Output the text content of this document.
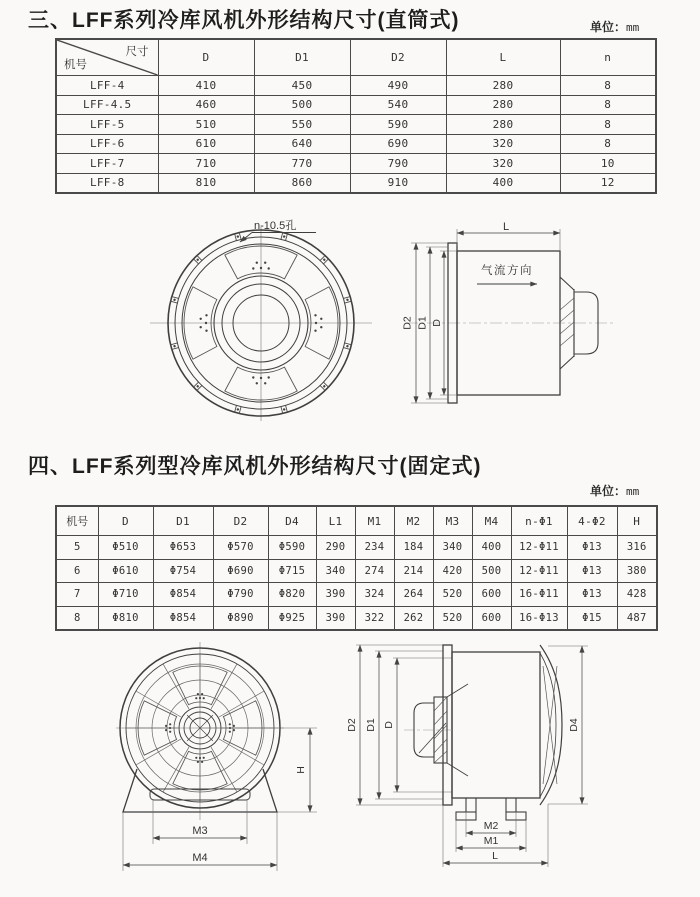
三、LFF系列冷库风机外形结构尺寸(直筒式)	单位：mm
尺寸
机号	D	D1	D2	L	n
LFF-4	410	450	490	280	8
LFF-4.5	460	500	540	280	8
LFF-5	510	550	590	280	8
LFF-6	610	640	690	320	8
LFF-7	710	770	790	320	10
LFF-8	810	860	910	400	12
n-10.5孔
D2 D1 D
L
气流方向
四、LFF系列型冷库风机外形结构尺寸(固定式)
单位：mm
机号	D	D1	D2	D4	L1	M1	M2	M3	M4	n-Φ1	4-Φ2	H
5	Φ510	Φ653	Φ570	Φ590	290	234	184	340	400	12-Φ11	Φ13	316
6	Φ610	Φ754	Φ690	Φ715	340	274	214	420	500	12-Φ11	Φ13	380
7	Φ710	Φ854	Φ790	Φ820	390	324	264	520	600	16-Φ11	Φ13	428
8	Φ810	Φ854	Φ890	Φ925	390	322	262	520	600	16-Φ13	Φ15	487
M3
M4
H
D2 D1 D	D4
M2
M1
L
